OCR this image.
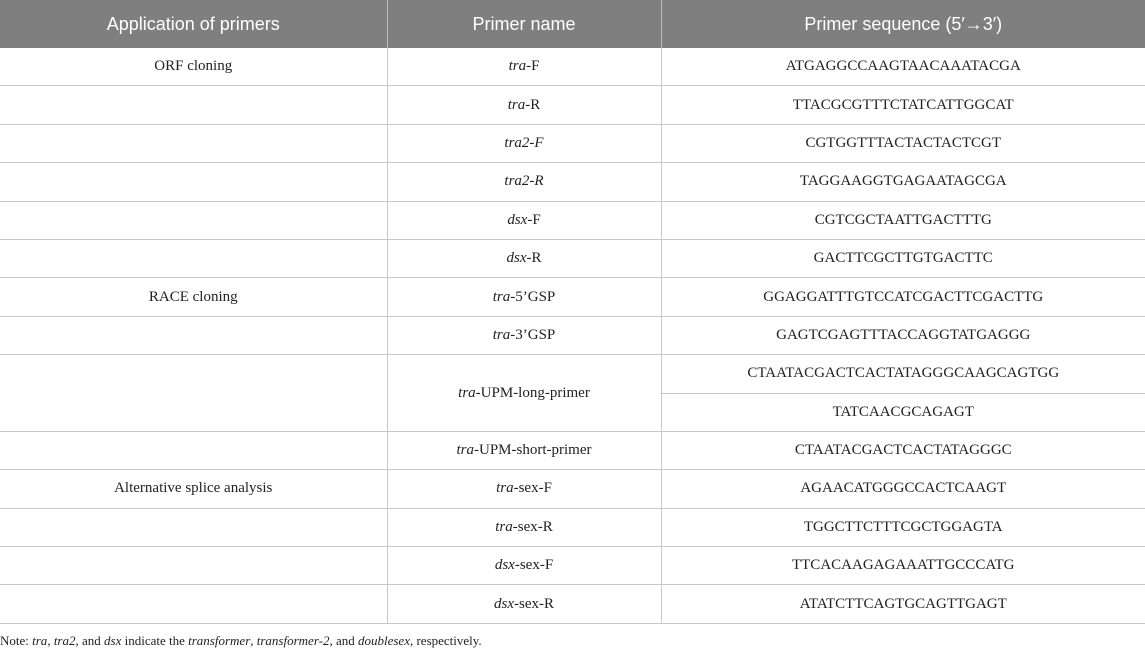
Application of primers	Primer name	Primer sequence (5′→3′)
ORF cloning	tra-F	ATGAGGCCAAGTAACAAATACGA
	tra-R	TTACGCGTTTCTATCATTGGCAT
	tra2-F	CGTGGTTTACTACTACTCGT
	tra2-R	TAGGAAGGTGAGAATAGCGA
	dsx-F	CGTCGCTAATTGACTTTG
	dsx-R	GACTTCGCTTGTGACTTC
RACE cloning	tra-5’GSP	GGAGGATTTGTCCATCGACTTCGACTTG
	tra-3’GSP	GAGTCGAGTTTACCAGGTATGAGGG
	tra-UPM-long-primer	CTAATACGACTCACTATAGGGCAAGCAGTGG
		TATCAACGCAGAGT
	tra-UPM-short-primer	CTAATACGACTCACTATAGGGC
Alternative splice analysis	tra-sex-F	AGAACATGGGCCACTCAAGT
	tra-sex-R	TGGCTTCTTTCGCTGGAGTA
	dsx-sex-F	TTCACAAGAGAAATTGCCCATG
	dsx-sex-R	ATATCTTCAGTGCAGTTGAGT
Note: tra, tra2, and dsx indicate the transformer, transformer-2, and doublesex, respectively.
